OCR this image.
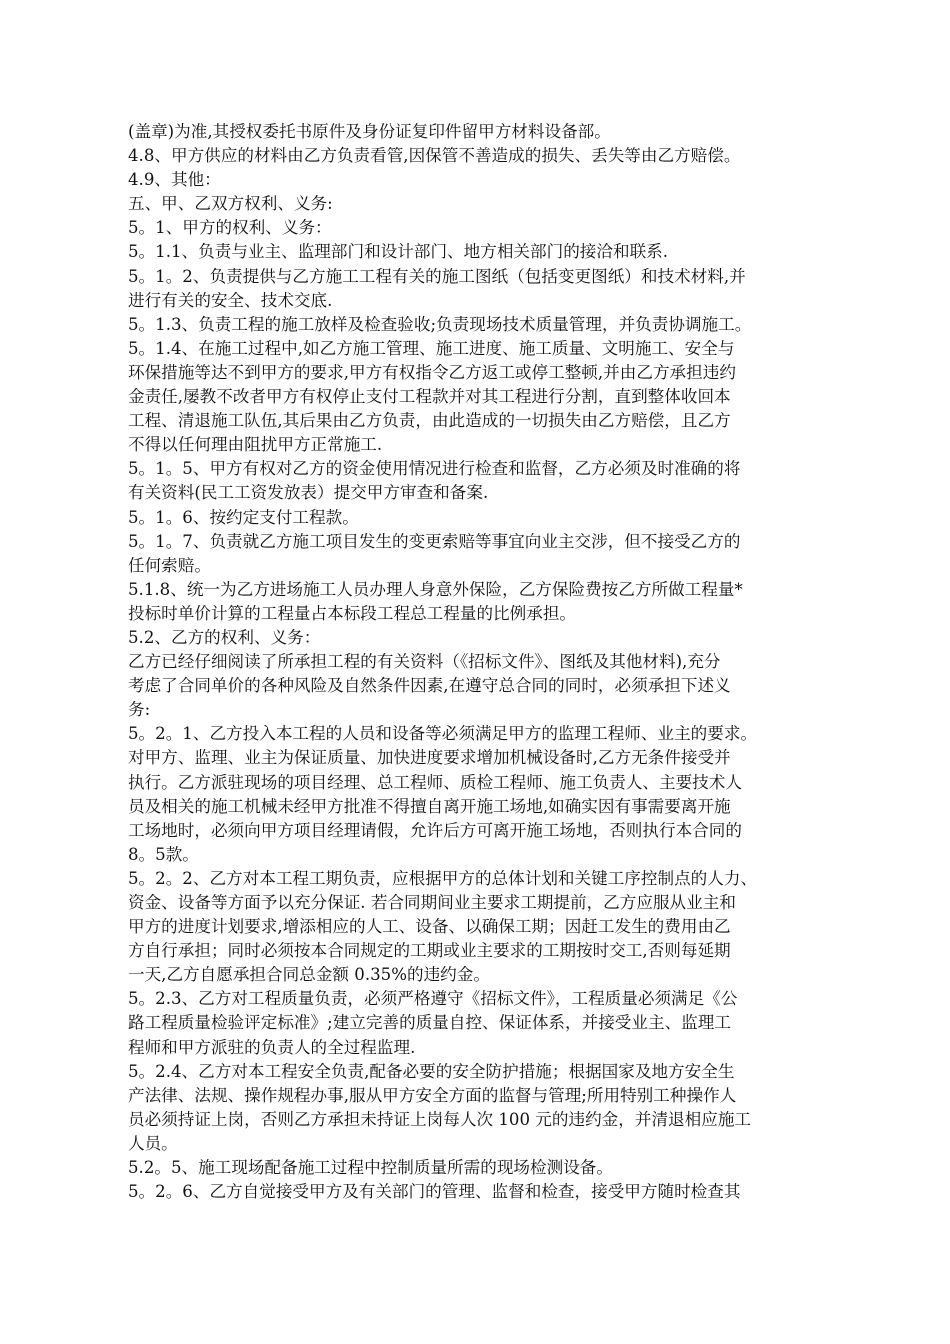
(盖章)为准,其授权委托书原件及身份证复印件留甲方材料设备部。
4.8、甲方供应的材料由乙方负责看管,因保管不善造成的损失、丢失等由乙方赔偿。
4.9、其他：
五、甲、乙双方权利、义务:
5。1、甲方的权利、义务：
5。1.1、负责与业主、监理部门和设计部门、地方相关部门的接洽和联系.
5。1。2、负责提供与乙方施工工程有关的施工图纸（包括变更图纸）和技术材料,并
进行有关的安全、技术交底.
5。1.3、负责工程的施工放样及检查验收;负责现场技术质量管理，并负责协调施工。
5。1.4、在施工过程中,如乙方施工管理、施工进度、施工质量、文明施工、安全与
环保措施等达不到甲方的要求,甲方有权指令乙方返工或停工整顿,并由乙方承担违约
金责任,屡教不改者甲方有权停止支付工程款并对其工程进行分割，直到整体收回本
工程、清退施工队伍,其后果由乙方负责，由此造成的一切损失由乙方赔偿，且乙方
不得以任何理由阻扰甲方正常施工.
5。1。5、甲方有权对乙方的资金使用情况进行检查和监督，乙方必须及时准确的将
有关资料(民工工资发放表）提交甲方审查和备案.
5。1。6、按约定支付工程款。
5。1。7、负责就乙方施工项目发生的变更索赔等事宜向业主交涉，但不接受乙方的
任何索赔。
5.1.8、统一为乙方进场施工人员办理人身意外保险，乙方保险费按乙方所做工程量*
投标时单价计算的工程量占本标段工程总工程量的比例承担。
5.2、乙方的权利、义务：
乙方已经仔细阅读了所承担工程的有关资料（《招标文件》、图纸及其他材料),充分
考虑了合同单价的各种风险及自然条件因素,在遵守总合同的同时，必须承担下述义
务:
5。2。1、乙方投入本工程的人员和设备等必须满足甲方的监理工程师、业主的要求。
对甲方、监理、业主为保证质量、加快进度要求增加机械设备时,乙方无条件接受并
执行。乙方派驻现场的项目经理、总工程师、质检工程师、施工负责人、主要技术人
员及相关的施工机械未经甲方批准不得擅自离开施工场地,如确实因有事需要离开施
工场地时，必须向甲方项目经理请假，允许后方可离开施工场地，否则执行本合同的
8。5款。
5。2。2、乙方对本工程工期负责，应根据甲方的总体计划和关键工序控制点的人力、
资金、设备等方面予以充分保证. 若合同期间业主要求工期提前，乙方应服从业主和
甲方的进度计划要求,增添相应的人工、设备、以确保工期；因赶工发生的费用由乙
方自行承担；同时必须按本合同规定的工期或业主要求的工期按时交工,否则每延期
一天,乙方自愿承担合同总金额 0.35%的违约金。
5。2.3、乙方对工程质量负责，必须严格遵守《招标文件》，工程质量必须满足《公
路工程质量检验评定标准》;建立完善的质量自控、保证体系，并接受业主、监理工
程师和甲方派驻的负责人的全过程监理.
5。2.4、乙方对本工程安全负责,配备必要的安全防护措施；根据国家及地方安全生
产法律、法规、操作规程办事,服从甲方安全方面的监督与管理;所用特别工种操作人
员必须持证上岗，否则乙方承担未持证上岗每人次 100 元的违约金，并清退相应施工
人员。
5.2。5、施工现场配备施工过程中控制质量所需的现场检测设备。
5。2。6、乙方自觉接受甲方及有关部门的管理、监督和检查，接受甲方随时检查其
